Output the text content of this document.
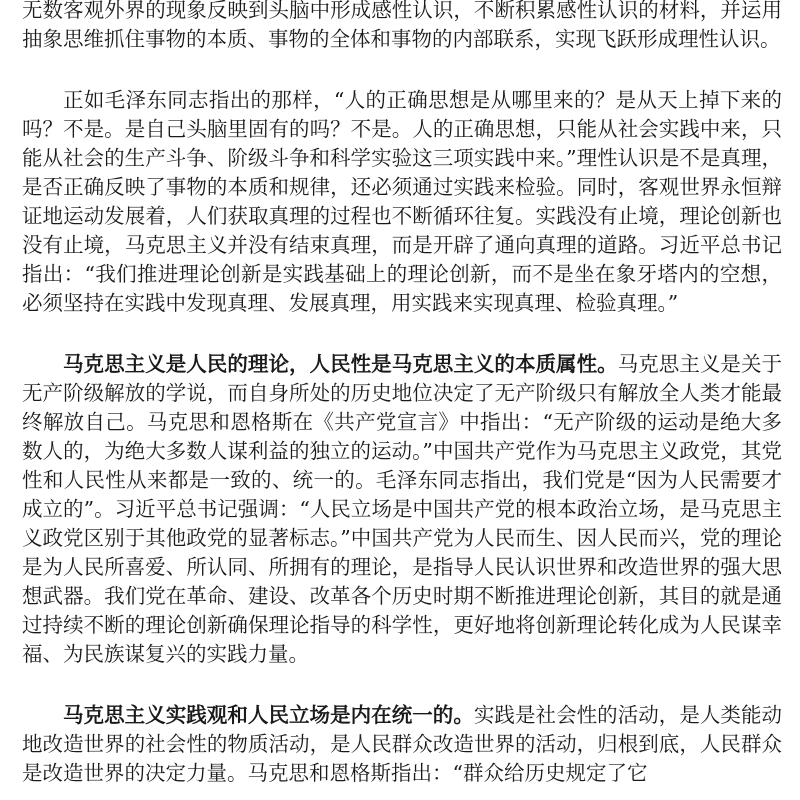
无数客观外界的现象反映到头脑中形成感性认识，不断积累感性认识的材料，并运用抽象思维抓住事物的本质、事物的全体和事物的内部联系，实现飞跃形成理性认识。

正如毛泽东同志指出的那样，“人的正确思想是从哪里来的？是从天上掉下来的吗？不是。是自己头脑里固有的吗？不是。人的正确思想，只能从社会实践中来，只能从社会的生产斗争、阶级斗争和科学实验这三项实践中来。”理性认识是不是真理，是否正确反映了事物的本质和规律，还必须通过实践来检验。同时，客观世界永恒辩证地运动发展着，人们获取真理的过程也不断循环往复。实践没有止境，理论创新也没有止境，马克思主义并没有结束真理，而是开辟了通向真理的道路。习近平总书记指出：“我们推进理论创新是实践基础上的理论创新，而不是坐在象牙塔内的空想，必须坚持在实践中发现真理、发展真理，用实践来实现真理、检验真理。”

马克思主义是人民的理论，人民性是马克思主义的本质属性。马克思主义是关于无产阶级解放的学说，而自身所处的历史地位决定了无产阶级只有解放全人类才能最终解放自己。马克思和恩格斯在《共产党宣言》中指出：“无产阶级的运动是绝大多数人的，为绝大多数人谋利益的独立的运动。”中国共产党作为马克思主义政党，其党性和人民性从来都是一致的、统一的。毛泽东同志指出，我们党是“因为人民需要才成立的”。习近平总书记强调：“人民立场是中国共产党的根本政治立场，是马克思主义政党区别于其他政党的显著标志。”中国共产党为人民而生、因人民而兴，党的理论是为人民所喜爱、所认同、所拥有的理论，是指导人民认识世界和改造世界的强大思想武器。我们党在革命、建设、改革各个历史时期不断推进理论创新，其目的就是通过持续不断的理论创新确保理论指导的科学性，更好地将创新理论转化成为人民谋幸福、为民族谋复兴的实践力量。

马克思主义实践观和人民立场是内在统一的。实践是社会性的活动，是人类能动地改造世界的社会性的物质活动，是人民群众改造世界的活动，归根到底，人民群众是改造世界的决定力量。马克思和恩格斯指出：“群众给历史规定了它
